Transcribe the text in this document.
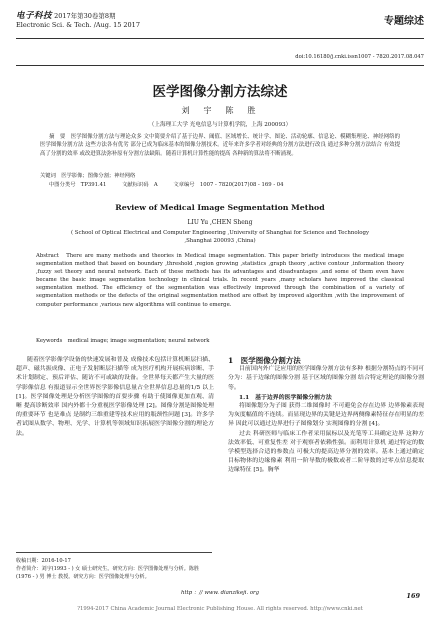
电子科技 2017年第30卷第8期
Electronic Sci. & Tech. /Aug. 15 2017	专题综述
doi:10.16180/j.cnki.issn1007 - 7820.2017.08.047
医学图像分割方法综述
刘　宇　陈　胜
（上海理工大学 光电信息与计算机学院，上海 200093）
摘　要　医学图像分割方法与理论众多 文中简要介绍了基于边界、阈值、区域增长、统计学、图论、活动轮廓、信息论、模糊集理论、神经网络的医学图像分割方法 这些方法各有优劣 部分已成为临床基本的图像分割技术。近年来许多学者对经典的分割方法进行改良 通过多种分割方法结合 有效提高了分割的效率 或改进算法弥补原有分割方法缺陷。随着计算机计算性能的提高 各种新的算法将不断涌现。
关键词　医学影像；图像分割；神经网络
中图分类号　TP391.41	文献标识码　A	文章编号　1007 - 7820(2017)08 - 169 - 04
Review of Medical Image Segmentation Method
LIU Yu ,CHEN Sheng
( School of Optical Electrical and Computer Engineering ,University of Shanghai for Science and Technology ,Shanghai 200093 ,China)
Abstract　There are many methods and theories in Medical image segmentation. This paper briefly introduces the medical image segmentation method that based on boundary ,threshold ,region growing ,statistics ,graph theory ,active contour ,information theory ,fuzzy set theory and neural network. Each of these methods has its advantages and disadvantages ,and some of them even have became the basic image segmentation technology in clinical trials. In recent years ,many scholars have improved the classical segmentation method. The efficiency of the segmentation was effectively improved through the combination of a variety of segmentation methods or the defects of the original segmentation method are offset by improved algorithm ,with the improvement of computer performance ,various new algorithms will continue to emerge.
Keywords　medical image; image segmentation; neural network

随着医学影像学设备的快速发展和普及 成像技术包括计算机断层扫描、超声、磁共振成像、正电子发射断层扫描等 成为医疗机构开展疾病诊断、手术计划制定、预后评估、随访不可或缺的设备。全世界每天都产生大量的医学影像信息 有报道显示全世界医学影像信息量占全世界信息总量的1/5 以上 [1]。医学图像处理是分析医学图像的首要步骤 有助于使图像更加直观、清晰 提高诊断效率 国内外都十分重视医学影像处理 [2]。图像分割是图像处理的重要环节 也是难点 是制约三维重建等技术应用的瓶颈性问题 [3]。许多学者试图从数学、物理、光学、计算机等领域知识拓展医学图像分割的理论方法。

1　医学图像分割方法

目前国内外广泛应用的医学图像分割方法有多种 根据分割特点的不同可分为：基于边缘的图像分割 基于区域的图像分割 结合特定理论的图像分割等。

1.1　基于边界的医学图像分割方法

将图像划分为子图 获得二维图像时 不可避免会存在边界 边界像素表现为灰度幅值的不连续。而显现边界的关键是边界两侧像素特征存在明显的差异 因此可以通过边界进行子图像划分 实现图像的分割 [4]。

过去 科研医师与临床工作者采用鼠标以及光笔等工具确定边界 这种方法效率低、可重复性差 对于观察者依赖性强。而利用计算机 通过特定的数学模型选择合适的参数点 可极大的提高边界分割的效率。基本上通过确定目标物体的边缘像素 利用一阶导数的极数或者二阶导数的过零点信息提取边缘特征 [5]。胸华

收稿日期：2016-10-17
作者简介：刘宇(1993 - ) 女 硕士研究生。研究方向：医学图像处理与分析。陈胜(1976 - ) 男 博士 教授。研究方向：医学图像处理与分析。
http ：// www. dianzikeji. org	169
?1994-2017 China Academic Journal Electronic Publishing House. All rights reserved. http://www.cnki.net
